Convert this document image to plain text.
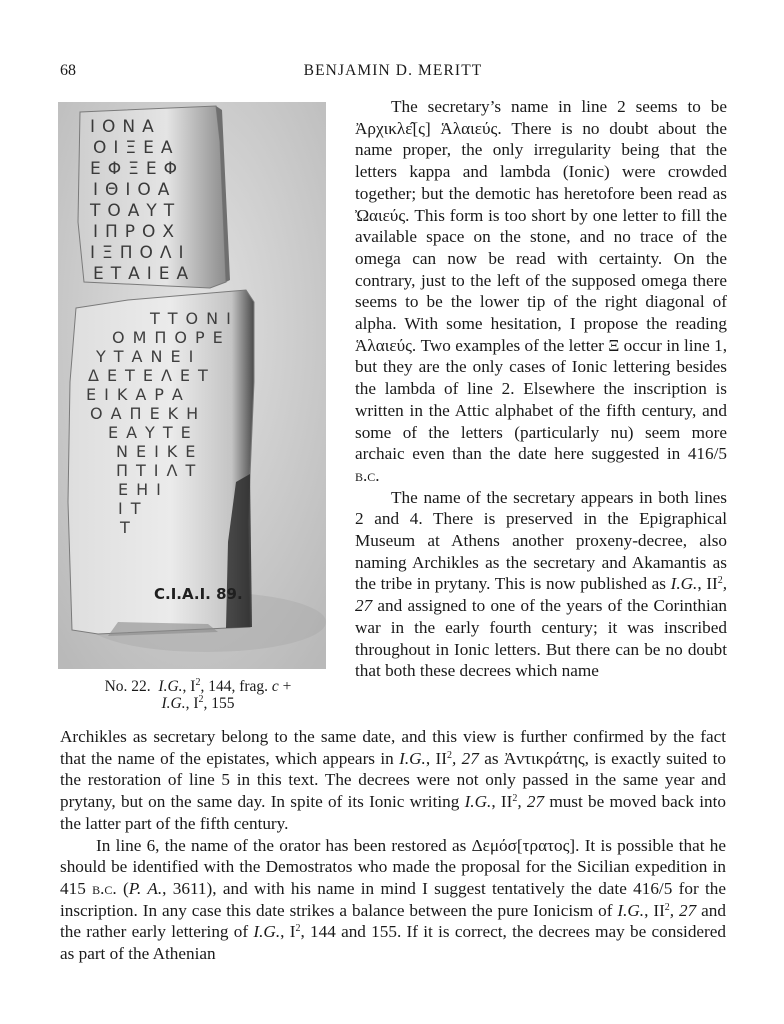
68	BENJAMIN D. MERITT
ΙΟΝΑ
ΟΙΞΕΑ
ΕΦΞΕΦ
ΙΘΙΟΑ
ΤΟΑΥΤ
ΙΠΡΟΧ
ΙΞΠΟΛΙ
ΕΤΑΙΕΑ
ΤΤΟΝΙ
ΟΜΠΟΡΕ
ΥΤΑΝΕΙ
ΔΕΤΕΛΕΤ
ΕΙΚΑΡΑ
ΟΑΠΕΚΗ
ΕΑΥΤΕ
ΝΕΙΚΕ
ΠΤΙΛΤ
ΕΗΙ
ΙΤ
Τ
C.I.A.I. 89.
No. 22. I.G., $I^2$, 144, frag. c +
I.G., $I^2$, 155

The secretary’s name in line 2 seems to be Ἀρχικλε̂[ς] Ἁλαιεύς. There is no doubt about the name proper, the only irregularity being that the letters kappa and lambda (Ionic) were crowded together; but the demotic has heretofore been read as Ὠαιεύς. This form is too short by one letter to fill the available space on the stone, and no trace of the omega can now be read with certainty. On the contrary, just to the left of the supposed omega there seems to be the lower tip of the right diagonal of alpha. With some hesitation, I propose the reading Ἁλαιεύς. Two examples of the letter Ξ occur in line 1, but they are the only cases of Ionic lettering besides the lambda of line 2. Elsewhere the inscription is written in the Attic alphabet of the fifth century, and some of the letters (particularly nu) seem more archaic even than the date here suggested in 416/5 b.c.

The name of the secretary appears in both lines 2 and 4. There is preserved in the Epigraphical Museum at Athens another proxeny-decree, also naming Archikles as the secretary and Akamantis as the tribe in prytany. This is now published as I.G., $II^2$, 27 and assigned to one of the years of the Corinthian war in the early fourth century; it was inscribed throughout in Ionic letters. But there can be no doubt that both these decrees which name

Archikles as secretary belong to the same date, and this view is further confirmed by the fact that the name of the epistates, which appears in I.G., $II^2$, 27 as Ἀντικράτης, is exactly suited to the restoration of line 5 in this text. The decrees were not only passed in the same year and prytany, but on the same day. In spite of its Ionic writing I.G., $II^2$, 27 must be moved back into the latter part of the fifth century.

In line 6, the name of the orator has been restored as Δεμόσ[τρατος]. It is possible that he should be identified with the Demostratos who made the proposal for the Sicilian expedition in 415 b.c. (P. A., 3611), and with his name in mind I suggest tentatively the date 416/5 for the inscription. In any case this date strikes a balance between the pure Ionicism of I.G., $II^2$, 27 and the rather early lettering of I.G., $I^2$, 144 and 155. If it is correct, the decrees may be considered as part of the Athenian
